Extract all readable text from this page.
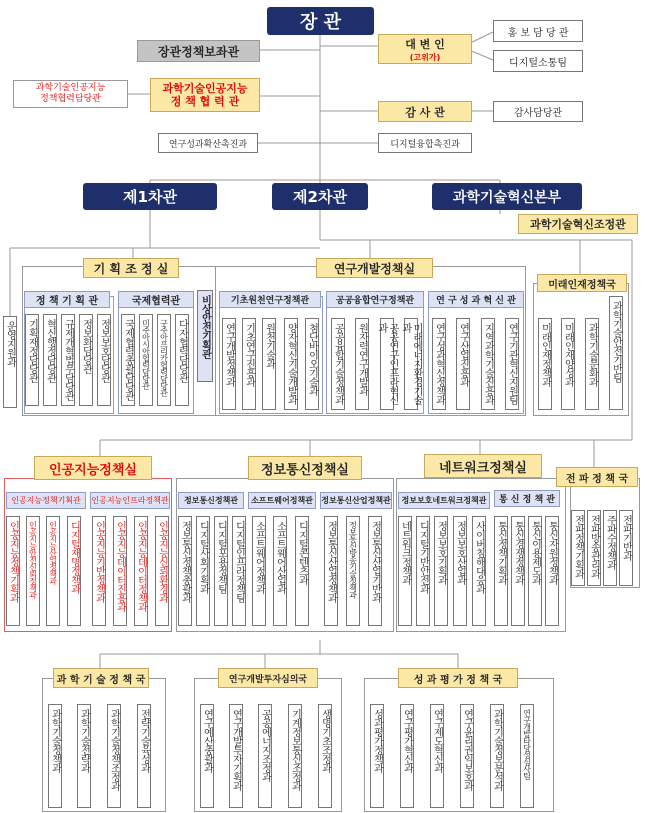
장 관
장관정책보좌관
대 변 인
(고위가)
홍 보 담 당 관
디지털소통팀
과학기술인공지능
정책협력담당관
과학기술인공지능
정 책 협 력 관
감 사 관	감사담당관
연구성과확산촉진과	디지털융합촉진과
제1차관	제2차관	과학기술혁신본부
과학기술혁신조정관
기 획 조 정 실
정 책 기 획 관	국제협력관
운영지원과 기획재정담당관 혁신행정담당관 규제개혁법무담당관 정보화담당관 정보보호담당관 국제협력총괄담당관	미주아시아협력담당관	구주아프리카협력담당관 다자협력담당관 비상안전기획관
연구개발정책실
기초원천연구정책관	공공융합연구정책관	연 구 성 과 혁 신 관
연구개발정책과 기초연구진흥과 원천기술과 양자혁신기술개발과 첨단바이오기술과 공공융합기술정책과 원자력연구개발과	공공연구인프라혁신과	미래에너지환경기술과	연구성과혁신정책과 연구산업진흥과 지역과학기술진흥과 연구기관혁신지원팀
미래인재정책국
미래인재정책과 미래인재양성과 과학기술문화과 과학기술안전기반팀
인공지능정책실
인공지능정책기획관	인공지능인프라정책관
인공지능정책기획과	인공지능안전신뢰정책과	인공지능산업정책과 디지털재명정책과 인공지능기반정책과 인공지능데이터진흥과 인공지능데이터정책과 인공지능신뢰환경과
정보통신정책실
정보통신정책관	소프트웨어정책관	정보통신산업정책관
정보통신정책총괄과 디지털사회기획과 디지털포용정책팀 디지털인프라정책팀 소프트웨어정책과 소프트웨어산업과 디지털콘텐츠과 정보통신산업정책과	정보통신방송기술정책과 정보통신산업기반과
네트워크정책실
정보보호네트워크정책관	통 신 정 책 관
네트워크정책과 디지털기반안전과 정보보호기획과 정보보호산업과 사이버침해대응과 통신정책기획과 통신경쟁정책과 통신이용제도과 통신자원정책과
전 파 정 책 국
전파정책기획과 전파방송관리과 주파수정책과 전파기반과
과 학 기 술 정 책 국
과학기술정책과 과학기술전략과 과학기술정책조정과 전략기술육성과
연구개발투자심의국
연구예산총괄과 연구개발투자기획과 공공에너지조정과 기계정보통신조정과 생명기초조정과
성 과 평 가 정 책 국
성과평가정책과 연구평가혁신과 연구제도혁신과 연구윤리권익보호과 과학기술정보분석과	연구개발타당성심사팀
